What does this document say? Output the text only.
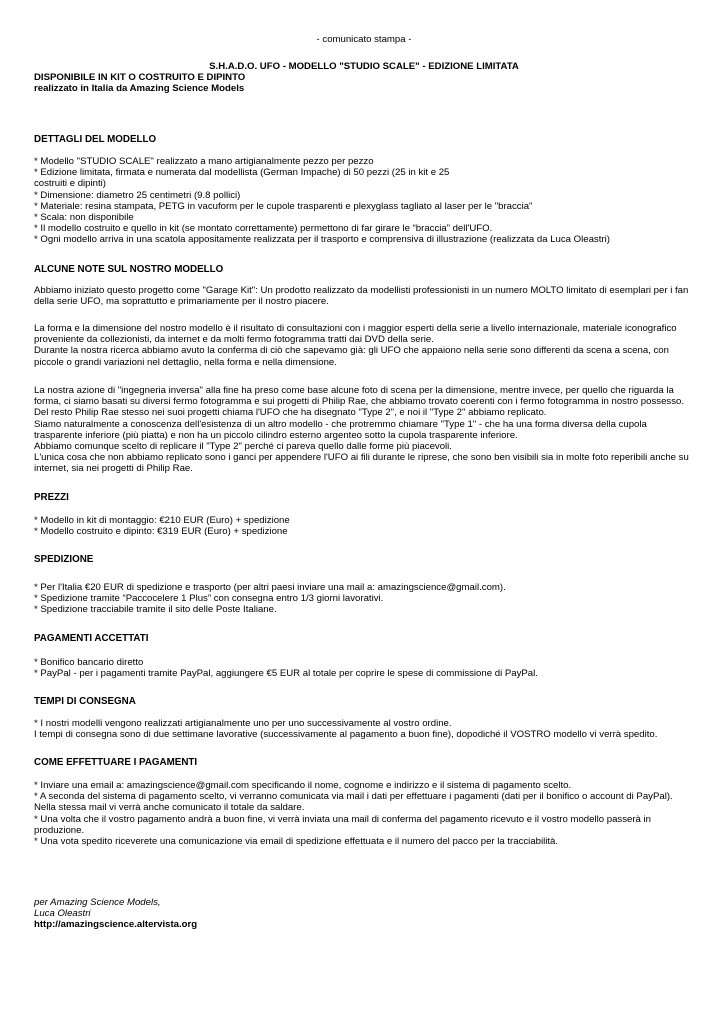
- comunicato stampa -
S.H.A.D.O. UFO - MODELLO "STUDIO SCALE" - EDIZIONE LIMITATA
DISPONIBILE IN KIT O COSTRUITO E DIPINTO
realizzato in Italia da Amazing Science Models
DETTAGLI DEL MODELLO
* Modello "STUDIO SCALE" realizzato a mano artigianalmente pezzo per pezzo
* Edizione limitata, firmata e numerata dal modellista (German Impache) di 50 pezzi (25 in kit e 25
costruiti e dipinti)
* Dimensione: diametro 25 centimetri (9.8 pollici)
* Materiale: resina stampata, PETG in vacuform per le cupole trasparenti e plexyglass tagliato al laser per le "braccia"
* Scala: non disponibile
* Il modello costruito e quello in kit (se montato correttamente) permettono di far girare le “braccia” dell'UFO.
* Ogni modello arriva in una scatola appositamente realizzata per il trasporto e comprensiva di illustrazione (realizzata da Luca Oleastri)
ALCUNE NOTE SUL NOSTRO MODELLO
Abbiamo iniziato questo progetto come "Garage Kit": Un prodotto realizzato da modellisti professionisti in un numero MOLTO limitato di esemplari per i fan
della serie UFO, ma soprattutto e primariamente per il nostro piacere.
La forma e la dimensione del nostro modello è il risultato di consultazioni con i maggior esperti della serie a livello internazionale, materiale iconografico
proveniente da collezionisti, da internet e da molti fermo fotogramma tratti dai DVD della serie.
Durante la nostra ricerca abbiamo avuto la conferma di ciò che sapevamo già: gli UFO che appaiono nella serie sono differenti da scena a scena, con
piccole o grandi variazioni nel dettaglio, nella forma e nella dimensione.
La nostra azione di "ingegneria inversa" alla fine ha preso come base alcune foto di scena per la dimensione, mentre invece, per quello che riguarda la
forma, ci siamo basati su diversi fermo fotogramma e sui progetti di Philip Rae, che abbiamo trovato coerenti con i fermo fotogramma in nostro possesso.
Del resto Philip Rae stesso nei suoi progetti chiama l'UFO che ha disegnato "Type 2", e noi il "Type 2" abbiamo replicato.
Siamo naturalmente a conoscenza dell'esistenza di un altro modello - che protremmo chiamare "Type 1" - che ha una forma diversa della cupola
trasparente inferiore (più piatta) e non ha un piccolo cilindro esterno argenteo sotto la cupola trasparente inferiore.
Abbiamo comunque scelto di replicare il "Type 2" perché ci pareva quello dalle forme più piacevoli.
L'unica cosa che non abbiamo replicato sono i ganci per appendere l'UFO ai fili durante le riprese, che sono ben visibili sia in molte foto reperibili anche su
internet, sia nei progetti di Philip Rae.
PREZZI
* Modello in kit di montaggio: €210 EUR (Euro) + spedizione
* Modello costruito e dipinto: €319 EUR (Euro) + spedizione
SPEDIZIONE
* Per l'Italia €20 EUR di spedizione e trasporto (per altri paesi inviare una mail a: amazingscience@gmail.com).
* Spedizione tramite “Paccocelere 1 Plus” con consegna entro 1/3 giorni lavorativi.
* Spedizione tracciabile tramite il sito delle Poste Italiane.
PAGAMENTI ACCETTATI
* Bonifico bancario diretto
* PayPal - per i pagamenti tramite PayPal, aggiungere €5 EUR al totale per coprire le spese di commissione di PayPal.
TEMPI DI CONSEGNA
* I nostri modelli vengono realizzati artigianalmente uno per uno successivamente al vostro ordine.
I tempi di consegna sono di due settimane lavorative (successivamente al pagamento a buon fine), dopodiché il VOSTRO modello vi verrà spedito.
COME EFFETTUARE I PAGAMENTI
* Inviare una email a: amazingscience@gmail.com specificando il nome, cognome e indirizzo e il sistema di pagamento scelto.
* A seconda del sistema di pagamento scelto, vi verranno comunicata via mail i dati per effettuare i pagamenti (dati per il bonifico o account di PayPal).
Nella stessa mail vi verrà anche comunicato il totale da saldare.
* Una volta che il vostro pagamento andrà a buon fine, vi verrà inviata una mail di conferma del pagamento ricevuto e il vostro modello passerà in
produzione.
* Una vota spedito riceverete una comunicazione via email di spedizione effettuata e il numero del pacco per la tracciabilità.
per Amazing Science Models,
Luca Oleastri
http://amazingscience.altervista.org
